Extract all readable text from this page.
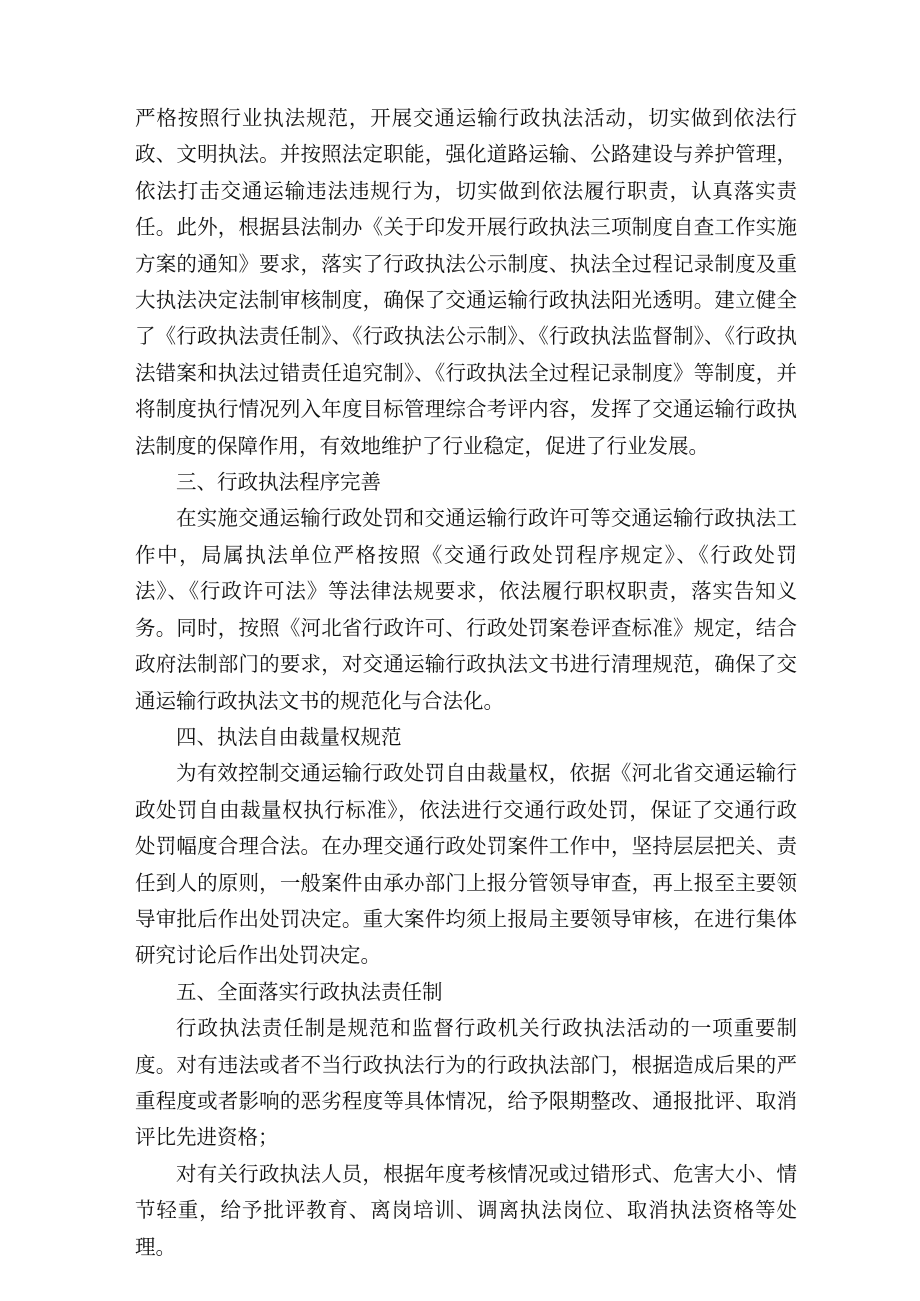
严格按照行业执法规范，开展交通运输行政执法活动，切实做到依法行政、文明执法。并按照法定职能，强化道路运输、公路建设与养护管理，依法打击交通运输违法违规行为，切实做到依法履行职责，认真落实责任。此外，根据县法制办《关于印发开展行政执法三项制度自查工作实施方案的通知》要求，落实了行政执法公示制度、执法全过程记录制度及重大执法决定法制审核制度，确保了交通运输行政执法阳光透明。建立健全了《行政执法责任制》、《行政执法公示制》、《行政执法监督制》、《行政执法错案和执法过错责任追究制》、《行政执法全过程记录制度》等制度，并将制度执行情况列入年度目标管理综合考评内容，发挥了交通运输行政执法制度的保障作用，有效地维护了行业稳定，促进了行业发展。

三、行政执法程序完善

在实施交通运输行政处罚和交通运输行政许可等交通运输行政执法工作中，局属执法单位严格按照《交通行政处罚程序规定》、《行政处罚法》、《行政许可法》等法律法规要求，依法履行职权职责，落实告知义务。同时，按照《河北省行政许可、行政处罚案卷评查标准》规定，结合政府法制部门的要求，对交通运输行政执法文书进行清理规范，确保了交通运输行政执法文书的规范化与合法化。

四、执法自由裁量权规范

为有效控制交通运输行政处罚自由裁量权，依据《河北省交通运输行政处罚自由裁量权执行标准》，依法进行交通行政处罚，保证了交通行政处罚幅度合理合法。在办理交通行政处罚案件工作中，坚持层层把关、责任到人的原则，一般案件由承办部门上报分管领导审查，再上报至主要领导审批后作出处罚决定。重大案件均须上报局主要领导审核，在进行集体研究讨论后作出处罚决定。

五、全面落实行政执法责任制

行政执法责任制是规范和监督行政机关行政执法活动的一项重要制度。对有违法或者不当行政执法行为的行政执法部门，根据造成后果的严重程度或者影响的恶劣程度等具体情况，给予限期整改、通报批评、取消评比先进资格；

对有关行政执法人员，根据年度考核情况或过错形式、危害大小、情节轻重，给予批评教育、离岗培训、调离执法岗位、取消执法资格等处理。
